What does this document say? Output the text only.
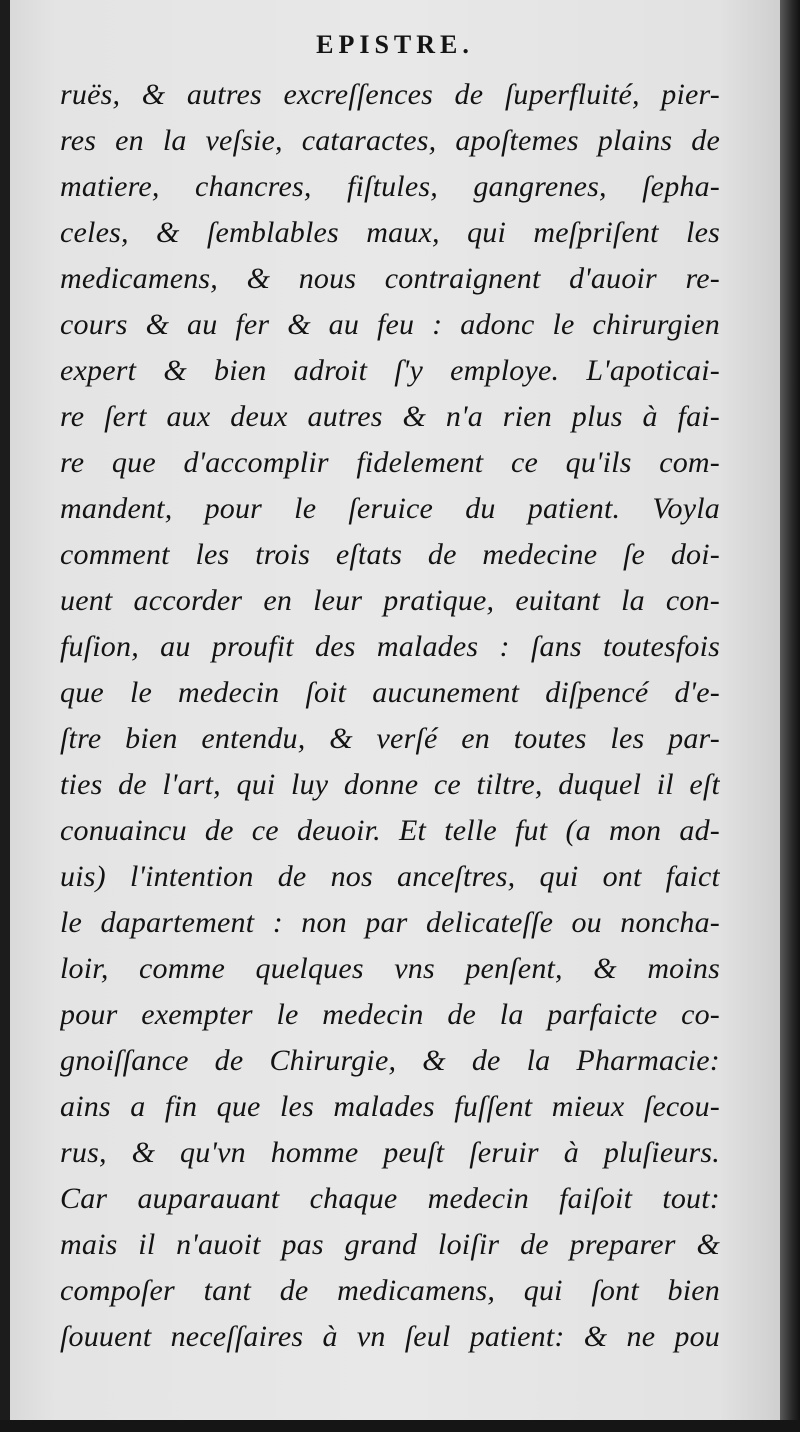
EPISTRE.
ruës, & autres excreſſences de ſuperfluité, pier-
res en la veſsie, cataractes, apoſtemes plains de
matiere, chancres, fiſtules, gangrenes, ſepha-
celes, & ſemblables maux, qui meſpriſent les
medicamens, & nous contraignent d'auoir re-
cours & au fer & au feu : adonc le chirurgien
expert & bien adroit ſ'y employe. L'apoticai-
re ſert aux deux autres & n'a rien plus à fai-
re que d'accomplir fidelement ce qu'ils com-
mandent, pour le ſeruice du patient. Voyla
comment les trois eſtats de medecine ſe doi-
uent accorder en leur pratique, euitant la con-
fuſion, au proufit des malades : ſans toutesfois
que le medecin ſoit aucunement diſpencé d'e-
ſtre bien entendu, & verſé en toutes les par-
ties de l'art, qui luy donne ce tiltre, duquel il eſt
conuaincu de ce deuoir. Et telle fut (a mon ad-
uis) l'intention de nos anceſtres, qui ont faict
le dapartement : non par delicateſſe ou noncha-
loir, comme quelques vns penſent, & moins
pour exempter le medecin de la parfaicte co-
gnoiſſance de Chirurgie, & de la Pharmacie:
ains a fin que les malades fuſſent mieux ſecou-
rus, & qu'vn homme peuſt ſeruir à pluſieurs.
Car auparauant chaque medecin faiſoit tout:
mais il n'auoit pas grand loiſir de preparer &
compoſer tant de medicamens, qui ſont bien
ſouuent neceſſaires à vn ſeul patient: & ne pou
